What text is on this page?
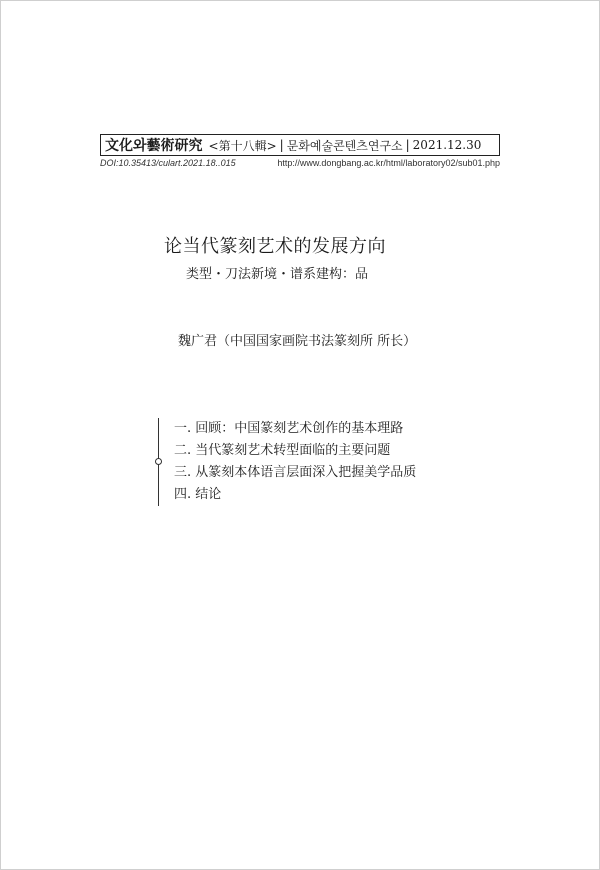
文化와藝術研究 <第十八輯> | 문화예술콘텐츠연구소 | 2021.12.30
DOI:10.35413/culart.2021.18..015	http://www.dongbang.ac.kr/html/laboratory02/sub01.php
论当代篆刻艺术的发展方向
类型・刀法新境・谱系建构：品
魏广君（中国国家画院书法篆刻所 所长）
一. 回顾：中国篆刻艺术创作的基本理路
二. 当代篆刻艺术转型面临的主要问题
三. 从篆刻本体语言层面深入把握美学品质
四. 结论
